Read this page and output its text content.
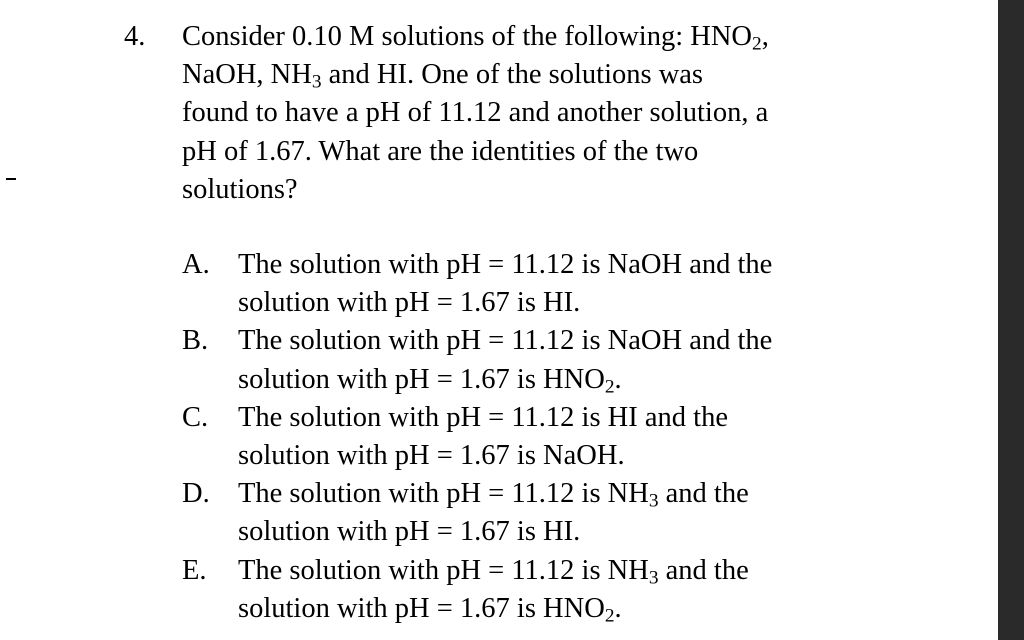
4. Consider 0.10 M solutions of the following: $HNO_2$,
NaOH, $NH_3$ and HI. One of the solutions was
found to have a pH of 11.12 and another solution, a
pH of 1.67. What are the identities of the two
solutions?
A. The solution with pH = 11.12 is NaOH and the
solution with pH = 1.67 is HI.
B. The solution with pH = 11.12 is NaOH and the
solution with pH = 1.67 is $HNO_2$.
C. The solution with pH = 11.12 is HI and the
solution with pH = 1.67 is NaOH.
D. The solution with pH = 11.12 is $NH_3$ and the
solution with pH = 1.67 is HI.
E. The solution with pH = 11.12 is $NH_3$ and the
solution with pH = 1.67 is $HNO_2$.
